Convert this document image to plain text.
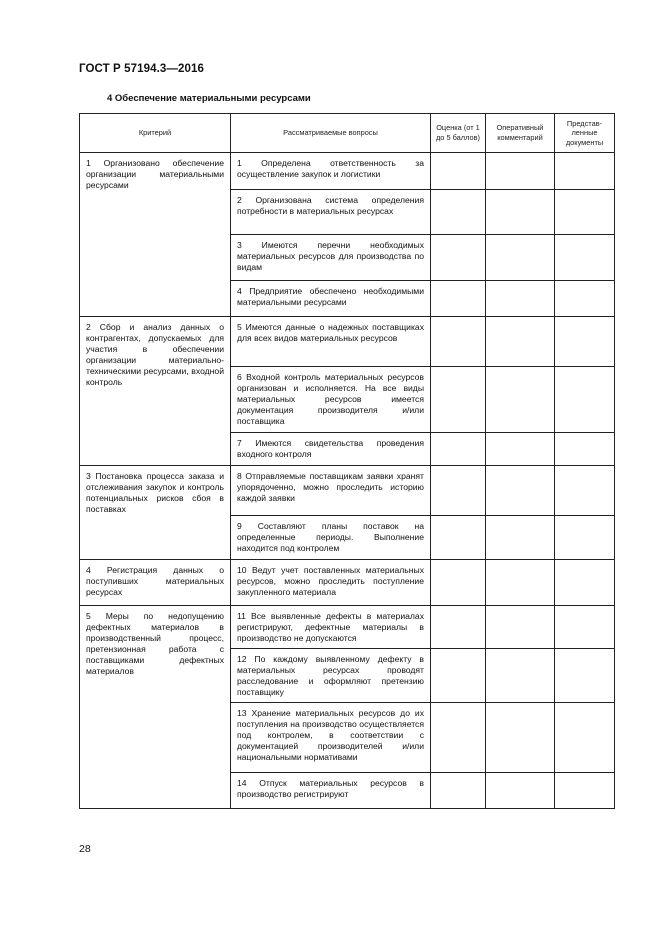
ГОСТ Р 57194.3—2016
4 Обеспечение материальными ресурсами
Критерий	Рассматриваемые вопросы	Оценка (от 1 до 5 баллов)	Оперативный комментарий	Представ-ленные документы

1 Организовано обеспечение организации материальными ресурсами	1 Определена ответственность за осуществление закупок и логистики			

	2 Организована система определения потребности в материальных ресурсах			

	3 Имеются перечни необходимых материальных ресурсов для производства по видам			

	4 Предприятие обеспечено необходимыми материальными ресурсами			

2 Сбор и анализ данных о контрагентах, допускаемых для участия в обеспечении организации материально-техническими ресурсами, входной контроль	5 Имеются данные о надежных поставщиках для всех видов материальных ресурсов			

	6 Входной контроль материальных ресурсов организован и исполняется. На все виды материальных ресурсов имеется документация производителя и/или поставщика			

	7 Имеются свидетельства проведения входного контроля			

3 Постановка процесса заказа и отслеживания закупок и контроль потенциальных рисков сбоя в поставках	8 Отправляемые поставщикам заявки хранят упорядоченно, можно проследить историю каждой заявки			

	9 Составляют планы поставок на определенные периоды. Выполнение находится под контролем			

4 Регистрация данных о поступивших материальных ресурсах	10 Ведут учет поставленных материальных ресурсов, можно проследить поступление закупленного материала			

5 Меры по недопущению дефектных материалов в производственный процесс, претензионная работа с поставщиками дефектных материалов	11 Все выявленные дефекты в материалах регистрируют, дефектные материалы в производство не допускаются			

	12 По каждому выявленному дефекту в материальных ресурсах проводят расследование и оформляют претензию поставщику			

	13 Хранение материальных ресурсов до их поступления на производство осуществляется под контролем, в соответствии с документацией производителей и/или национальными нормативами			

	14 Отпуск материальных ресурсов в производство регистрируют			

28
